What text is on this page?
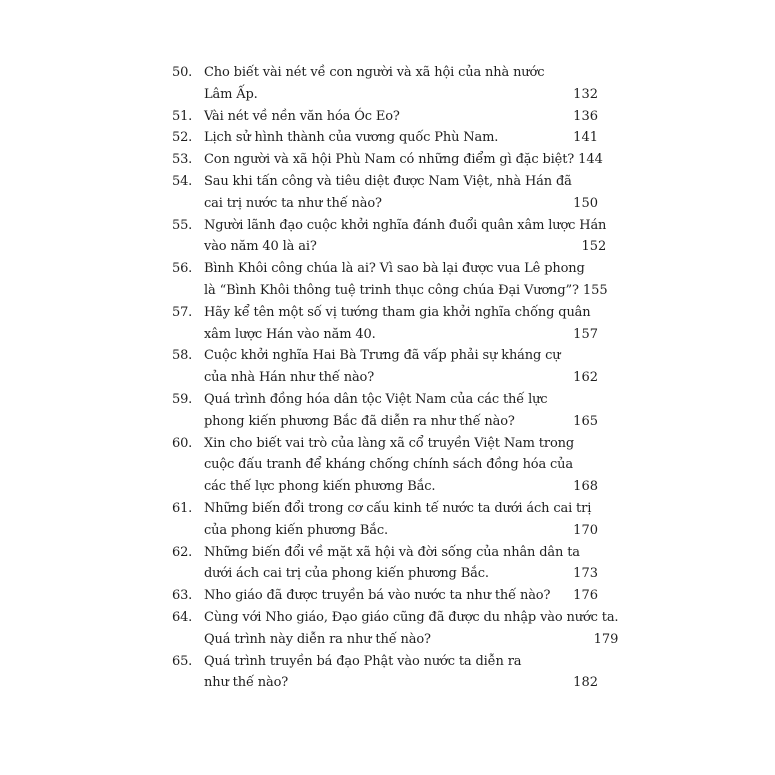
50. Cho biết vài nét về con người và xã hội của nhà nước
Lâm Ấp.	132
51. Vài nét về nền văn hóa Óc Eo?	136
52. Lịch sử hình thành của vương quốc Phù Nam.	141
53. Con người và xã hội Phù Nam có những điểm gì đặc biệt? 144
54. Sau khi tấn công và tiêu diệt được Nam Việt, nhà Hán đã
cai trị nước ta như thế nào?	150
55. Người lãnh đạo cuộc khởi nghĩa đánh đuổi quân xâm lược Hán
vào năm 40 là ai?	152
56. Bình Khôi công chúa là ai? Vì sao bà lại được vua Lê phong
là “Bình Khôi thông tuệ trinh thục công chúa Đại Vương”? 155
57. Hãy kể tên một số vị tướng tham gia khởi nghĩa chống quân
xâm lược Hán vào năm 40.	157
58. Cuộc khởi nghĩa Hai Bà Trưng đã vấp phải sự kháng cự
của nhà Hán như thế nào?	162
59. Quá trình đồng hóa dân tộc Việt Nam của các thế lực
phong kiến phương Bắc đã diễn ra như thế nào?	165
60. Xin cho biết vai trò của làng xã cổ truyền Việt Nam trong
cuộc đấu tranh để kháng chống chính sách đồng hóa của
các thế lực phong kiến phương Bắc.	168
61. Những biến đổi trong cơ cấu kinh tế nước ta dưới ách cai trị
của phong kiến phương Bắc.	170
62. Những biến đổi về mặt xã hội và đời sống của nhân dân ta
dưới ách cai trị của phong kiến phương Bắc.	173
63. Nho giáo đã được truyền bá vào nước ta như thế nào?	176
64. Cùng với Nho giáo, Đạo giáo cũng đã được du nhập vào nước ta.
Quá trình này diễn ra như thế nào?	179
65. Quá trình truyền bá đạo Phật vào nước ta diễn ra
như thế nào?	182
